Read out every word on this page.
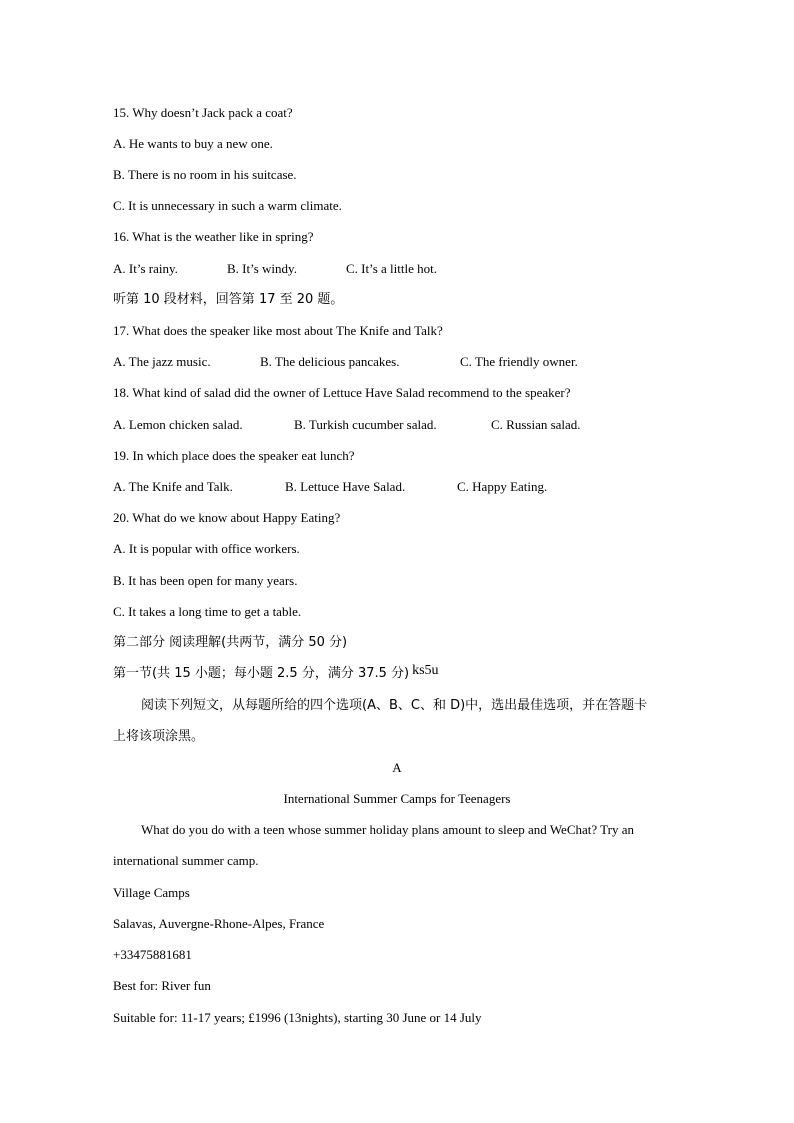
15. Why doesn’t Jack pack a coat?
A. He wants to buy a new one.
B. There is no room in his suitcase.
C. It is unnecessary in such a warm climate.
16. What is the weather like in spring?
A. It’s rainy.	B. It’s windy.	C. It’s a little hot.
听第 10 段材料，回答第 17 至 20 题。
17. What does the speaker like most about The Knife and Talk?
A. The jazz music.	B. The delicious pancakes.	C. The friendly owner.
18. What kind of salad did the owner of Lettuce Have Salad recommend to the speaker?
A. Lemon chicken salad.	B. Turkish cucumber salad.	C. Russian salad.
19. In which place does the speaker eat lunch?
A. The Knife and Talk.	B. Lettuce Have Salad.	C. Happy Eating.
20. What do we know about Happy Eating?
A. It is popular with office workers.
B. It has been open for many years.
C. It takes a long time to get a table.
第二部分 阅读理解(共两节，满分 50 分)
第一节(共 15 小题；每小题 2.5 分，满分 37.5 分) ks5u
阅读下列短文，从每题所给的四个选项(A、B、C、和 D)中，选出最佳选项，并在答题卡
上将该项涂黑。
A
International Summer Camps for Teenagers
What do you do with a teen whose summer holiday plans amount to sleep and WeChat? Try an
international summer camp.
Village Camps
Salavas, Auvergne-Rhone-Alpes, France
+33475881681
Best for: River fun
Suitable for: 11-17 years; £1996 (13nights), starting 30 June or 14 July
